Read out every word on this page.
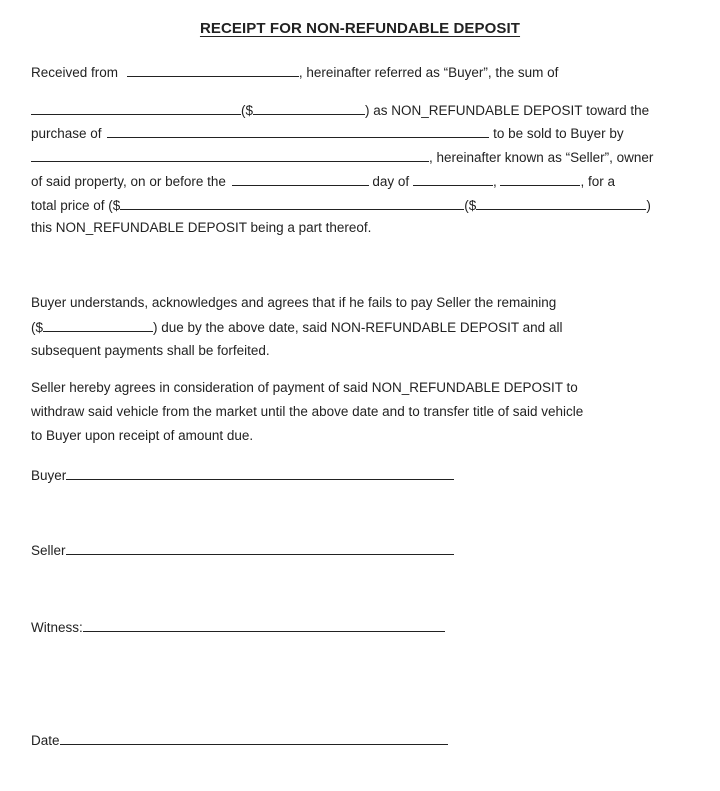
RECEIPT FOR NON-REFUNDABLE DEPOSIT
Received from	, hereinafter referred as “Buyer”, the sum of
($	) as NON_REFUNDABLE DEPOSIT toward the
purchase of	to be sold to Buyer by
, hereinafter known as “Seller”, owner
of said property, on or before the	day of	,	, for a
total price of ($	($	)
this NON_REFUNDABLE DEPOSIT being a part thereof.
Buyer understands, acknowledges and agrees that if he fails to pay Seller the remaining
($	) due by the above date, said NON-REFUNDABLE DEPOSIT and all
subsequent payments shall be forfeited.
Seller hereby agrees in consideration of payment of said NON_REFUNDABLE DEPOSIT to
withdraw said vehicle from the market until the above date and to transfer title of said vehicle
to Buyer upon receipt of amount due.
Buyer
Seller
Witness:
Date
